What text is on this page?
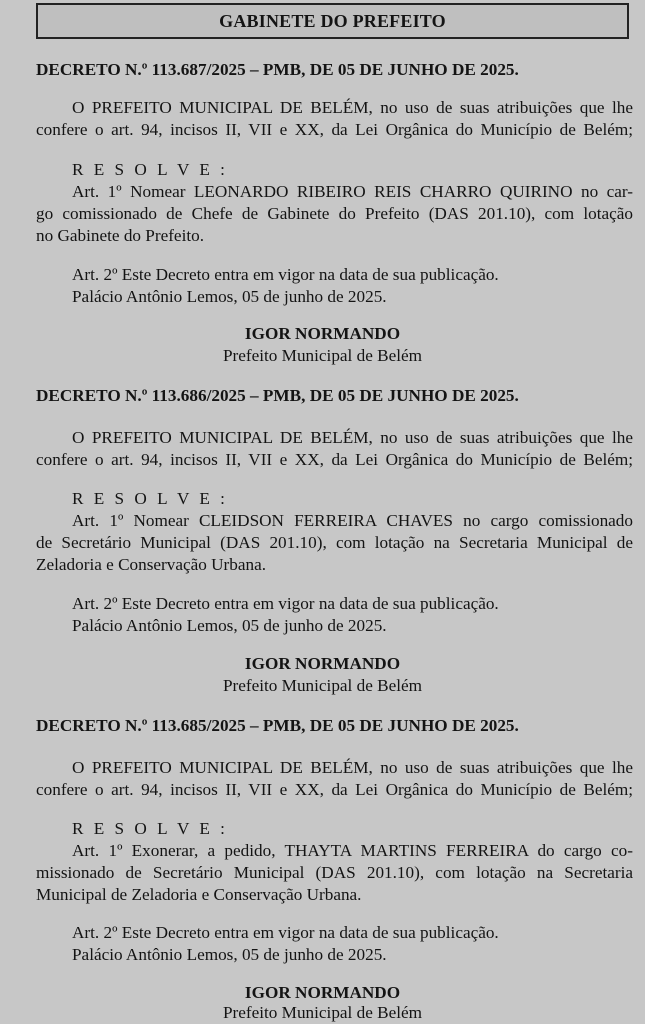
GABINETE DO PREFEITO
DECRETO N.º 113.687/2025 – PMB, DE 05 DE JUNHO DE 2025.
O PREFEITO MUNICIPAL DE BELÉM, no uso de suas atribuições que lhe
confere o art. 94, incisos II, VII e XX, da Lei Orgânica do Município de Belém;
R E S O L V E :
Art. 1º Nomear LEONARDO RIBEIRO REIS CHARRO QUIRINO no car-
go comissionado de Chefe de Gabinete do Prefeito (DAS 201.10), com lotação
no Gabinete do Prefeito.
Art. 2º Este Decreto entra em vigor na data de sua publicação.
Palácio Antônio Lemos, 05 de junho de 2025.
IGOR NORMANDO
Prefeito Municipal de Belém
DECRETO N.º 113.686/2025 – PMB, DE 05 DE JUNHO DE 2025.
O PREFEITO MUNICIPAL DE BELÉM, no uso de suas atribuições que lhe
confere o art. 94, incisos II, VII e XX, da Lei Orgânica do Município de Belém;
R E S O L V E :
Art. 1º Nomear CLEIDSON FERREIRA CHAVES no cargo comissionado
de Secretário Municipal (DAS 201.10), com lotação na Secretaria Municipal de
Zeladoria e Conservação Urbana.
Art. 2º Este Decreto entra em vigor na data de sua publicação.
Palácio Antônio Lemos, 05 de junho de 2025.
IGOR NORMANDO
Prefeito Municipal de Belém
DECRETO N.º 113.685/2025 – PMB, DE 05 DE JUNHO DE 2025.
O PREFEITO MUNICIPAL DE BELÉM, no uso de suas atribuições que lhe
confere o art. 94, incisos II, VII e XX, da Lei Orgânica do Município de Belém;
R E S O L V E :
Art. 1º Exonerar, a pedido, THAYTA MARTINS FERREIRA do cargo co-
missionado de Secretário Municipal (DAS 201.10), com lotação na Secretaria
Municipal de Zeladoria e Conservação Urbana.
Art. 2º Este Decreto entra em vigor na data de sua publicação.
Palácio Antônio Lemos, 05 de junho de 2025.
IGOR NORMANDO
Prefeito Municipal de Belém
